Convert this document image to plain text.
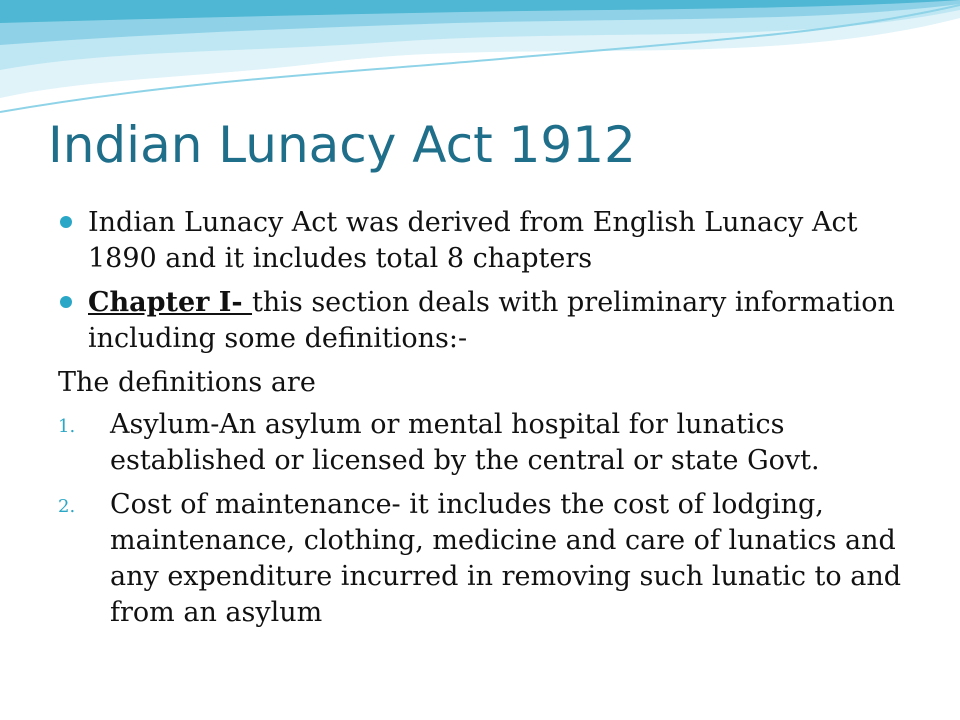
Indian Lunacy Act 1912
Indian Lunacy Act was derived from English Lunacy Act 1890 and it includes total 8 chapters
Chapter I- this section deals with preliminary information including some definitions:-
The definitions are
1. Asylum-An asylum or mental hospital for lunatics established or licensed by the central or state Govt.
2. Cost of maintenance- it includes the cost of lodging, maintenance, clothing, medicine and care of lunatics and any expenditure incurred in removing such lunatic to and from an asylum
